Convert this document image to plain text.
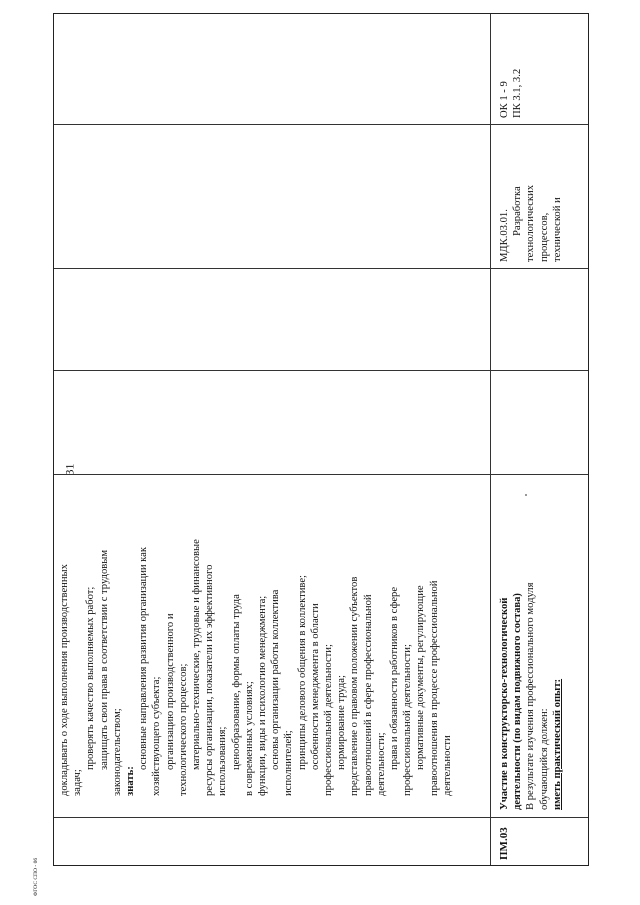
31
ФГОС СПО - 06
докладывать о ходе выполнения производственных задач;
проверять качество выполняемых работ; защищать свои права в соответствии с трудовым законодательством; знать:
основные направления развития организации как хозяйствующего субъекта; организацию производственного и технологического процессов; материально-технические, трудовые и финансовые ресурсы организации, показатели их эффективного использования; ценообразование, формы оплаты труда в современных условиях; функции, виды и психологию менеджмента; основы организации работы коллектива исполнителей; принципы делового общения в коллективе; особенности менеджмента в области профессиональной деятельности; нормирование труда; представление о правовом положении субъектов правоотношений в сфере профессиональной деятельности; права и обязанности работников в сфере профессиональной деятельности; нормативные документы, регулирующие правоотношения в процессе профессиональной деятельности
ПМ.03
Участие в конструкторско-технологической деятельности (по видам подвижного состава) В результате изучения профессионального модуля обучающийся должен: иметь практический опыт:
МДК.03.01. Разработка технологических процессов, технической и
ОК 1 - 9 ПК 3.1, 3.2
